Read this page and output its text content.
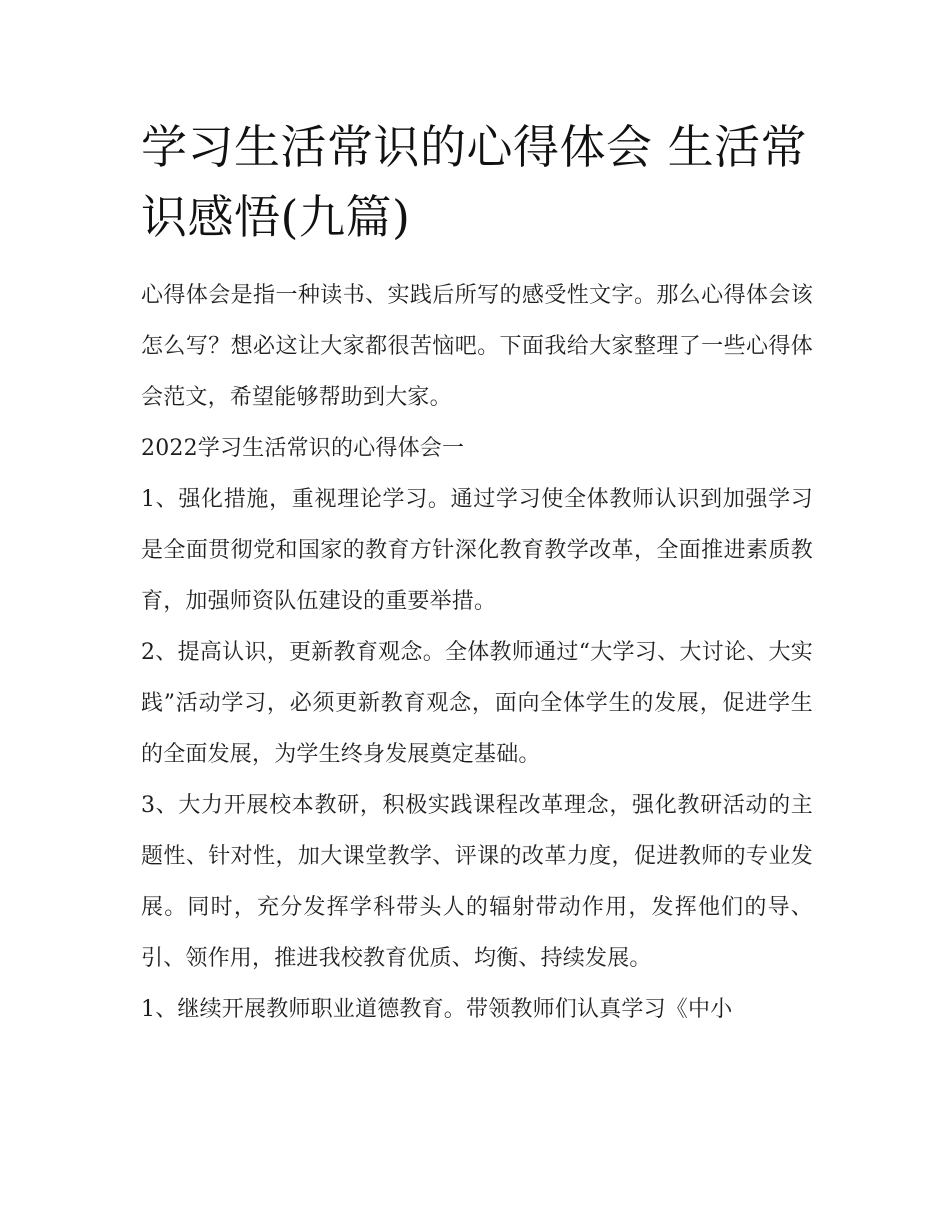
学习生活常识的心得体会 生活常识感悟(九篇)

心得体会是指一种读书、实践后所写的感受性文字。那么心得体会该怎么写？想必这让大家都很苦恼吧。下面我给大家整理了一些心得体会范文，希望能够帮助到大家。

2022学习生活常识的心得体会一

1、强化措施，重视理论学习。通过学习使全体教师认识到加强学习是全面贯彻党和国家的教育方针深化教育教学改革，全面推进素质教育，加强师资队伍建设的重要举措。

2、提高认识，更新教育观念。全体教师通过“大学习、大讨论、大实践”活动学习，必须更新教育观念，面向全体学生的发展，促进学生的全面发展，为学生终身发展奠定基础。

3、大力开展校本教研，积极实践课程改革理念，强化教研活动的主题性、针对性，加大课堂教学、评课的改革力度，促进教师的专业发展。同时，充分发挥学科带头人的辐射带动作用，发挥他们的导、引、领作用，推进我校教育优质、均衡、持续发展。

1、继续开展教师职业道德教育。带领教师们认真学习《中小
